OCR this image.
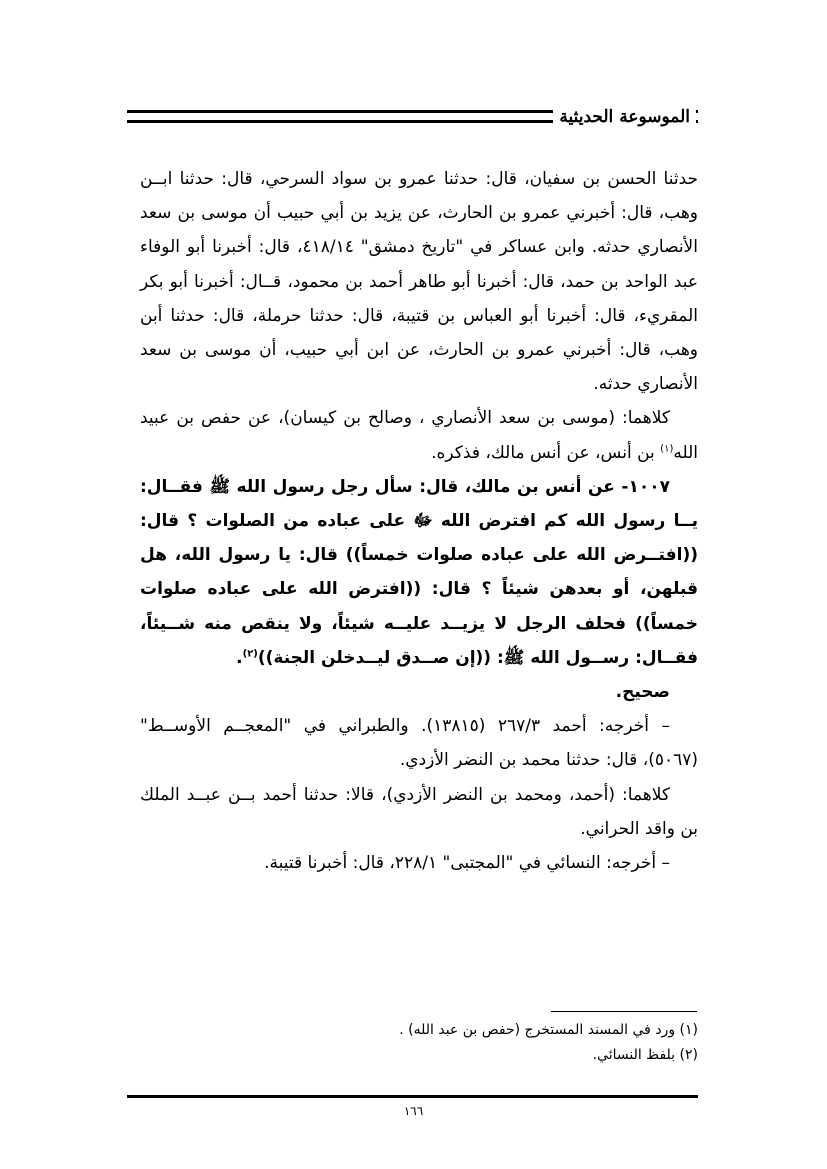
الموسوعة الحديثية

حدثنا الحسن بن سفيان، قال: حدثنا عمرو بن سواد السرحي، قال: حدثنا ابــن وهب، قال: أخبرني عمرو بن الحارث، عن يزيد بن أبي حبيب أن موسى بن سعد الأنصاري حدثه. وابن عساكر في "تاريخ دمشق" ٤١٨/١٤، قال: أخبرنا أبو الوفاء عبد الواحد بن حمد، قال: أخبرنا أبو طاهر أحمد بن محمود، قــال: أخبرنا أبو بكر المقريء، قال: أخبرنا أبو العباس بن قتيبة، قال: حدثنا حرملة، قال: حدثنا أبن وهب، قال: أخبرني عمرو بن الحارث، عن ابن أبي حبيب، أن موسى بن سعد الأنصاري حدثه.

كلاهما: (موسى بن سعد الأنصاري ، وصالح بن كيسان)، عن حفص بن عبيد الله$^{(١)}$ بن أنس، عن أنس مالك، فذكره.

١٠٠٧- عن أنس بن مالك، قال: سأل رجل رسول الله ﷺ فقــال: يــا رسول الله كم افترض الله ﷻ على عباده من الصلوات ؟ قال: ((افتــرض الله على عباده صلوات خمساً)) قال: يا رسول الله، هل قبلهن، أو بعدهن شيئاً ؟ قال: ((افترض الله على عباده صلوات خمساً)) فحلف الرجل لا يزيــد عليــه شيئاً، ولا ينقص منه شــيئاً، فقــال: رســول الله ﷺ: ((إن صــدق ليــدخلن الجنة))$^{(٢)}$.

صحيح.

– أخرجه: أحمد ٢٦٧/٣ (١٣٨١٥). والطبراني في "المعجــم الأوســط" (٥٠٦٧)، قال: حدثنا محمد بن النضر الأزدي.

كلاهما: (أحمد، ومحمد بن النضر الأزدي)، قالا: حدثنا أحمد بــن عبــد الملك بن واقد الحراني.

– أخرجه: النسائي في "المجتبى" ٢٢٨/١، قال: أخبرنا قتيبة.

(١) ورد في المسند المستخرج (حفص بن عبد الله) .

(٢) بلفظ النسائي.

١٦٦
